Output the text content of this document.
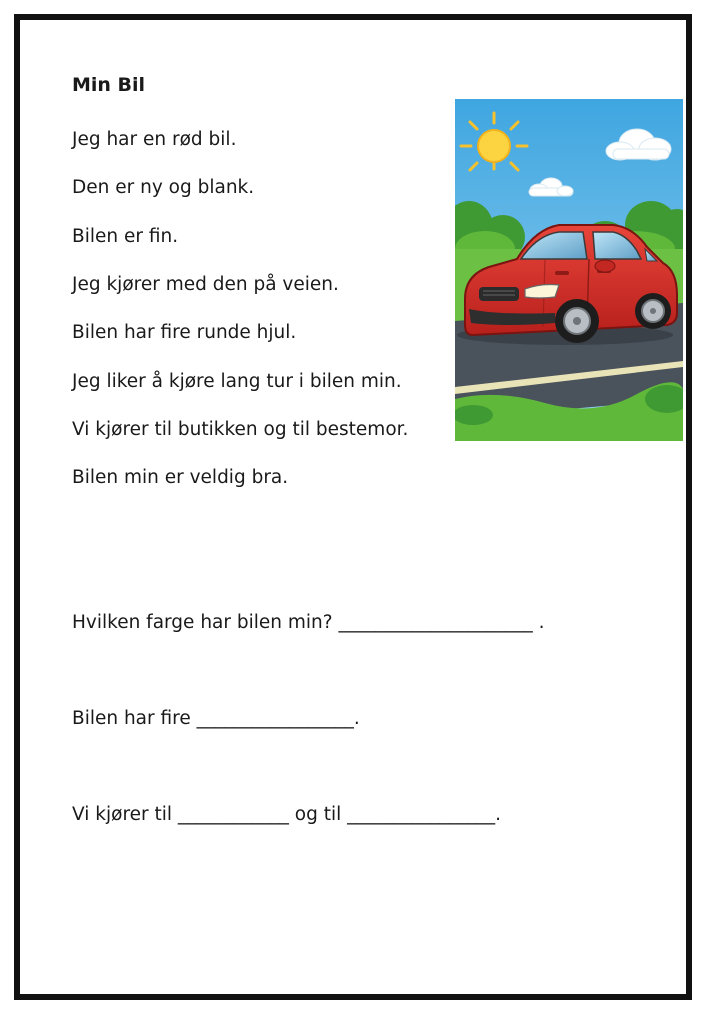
Min Bil

Jeg har en rød bil.

Den er ny og blank.

Bilen er fin.

Jeg kjører med den på veien.

Bilen har fire runde hjul.

Jeg liker å kjøre lang tur i bilen min.

Vi kjører til butikken og til bestemor.

Bilen min er veldig bra.

Hvilken farge har bilen min? _____________________ .

Bilen har fire _________________.

Vi kjører til ____________ og til ________________.
